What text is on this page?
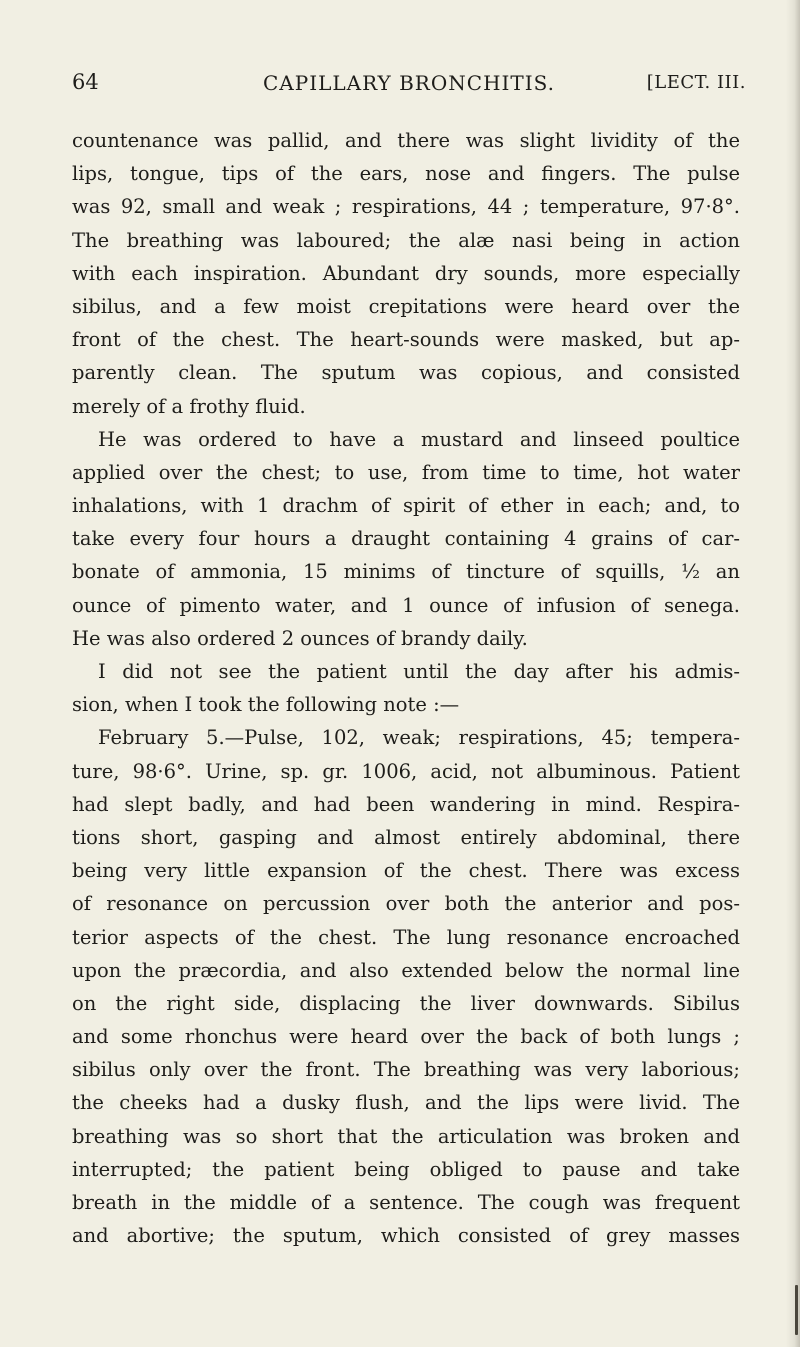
64	CAPILLARY BRONCHITIS.	[LECT. III.
countenance was pallid, and there was slight lividity of the
lips, tongue, tips of the ears, nose and fingers. The pulse
was 92, small and weak ; respirations, 44 ; temperature, 97·8°.
The breathing was laboured; the alæ nasi being in action
with each inspiration. Abundant dry sounds, more especially
sibilus, and a few moist crepitations were heard over the
front of the chest. The heart-sounds were masked, but ap-
parently clean. The sputum was copious, and consisted
merely of a frothy fluid.
He was ordered to have a mustard and linseed poultice
applied over the chest; to use, from time to time, hot water
inhalations, with 1 drachm of spirit of ether in each; and, to
take every four hours a draught containing 4 grains of car-
bonate of ammonia, 15 minims of tincture of squills, ½ an
ounce of pimento water, and 1 ounce of infusion of senega.
He was also ordered 2 ounces of brandy daily.
I did not see the patient until the day after his admis-
sion, when I took the following note :—
February 5.—Pulse, 102, weak; respirations, 45; tempera-
ture, 98·6°. Urine, sp. gr. 1006, acid, not albuminous. Patient
had slept badly, and had been wandering in mind. Respira-
tions short, gasping and almost entirely abdominal, there
being very little expansion of the chest. There was excess
of resonance on percussion over both the anterior and pos-
terior aspects of the chest. The lung resonance encroached
upon the præcordia, and also extended below the normal line
on the right side, displacing the liver downwards. Sibilus
and some rhonchus were heard over the back of both lungs ;
sibilus only over the front. The breathing was very laborious;
the cheeks had a dusky flush, and the lips were livid. The
breathing was so short that the articulation was broken and
interrupted; the patient being obliged to pause and take
breath in the middle of a sentence. The cough was frequent
and abortive; the sputum, which consisted of grey masses
